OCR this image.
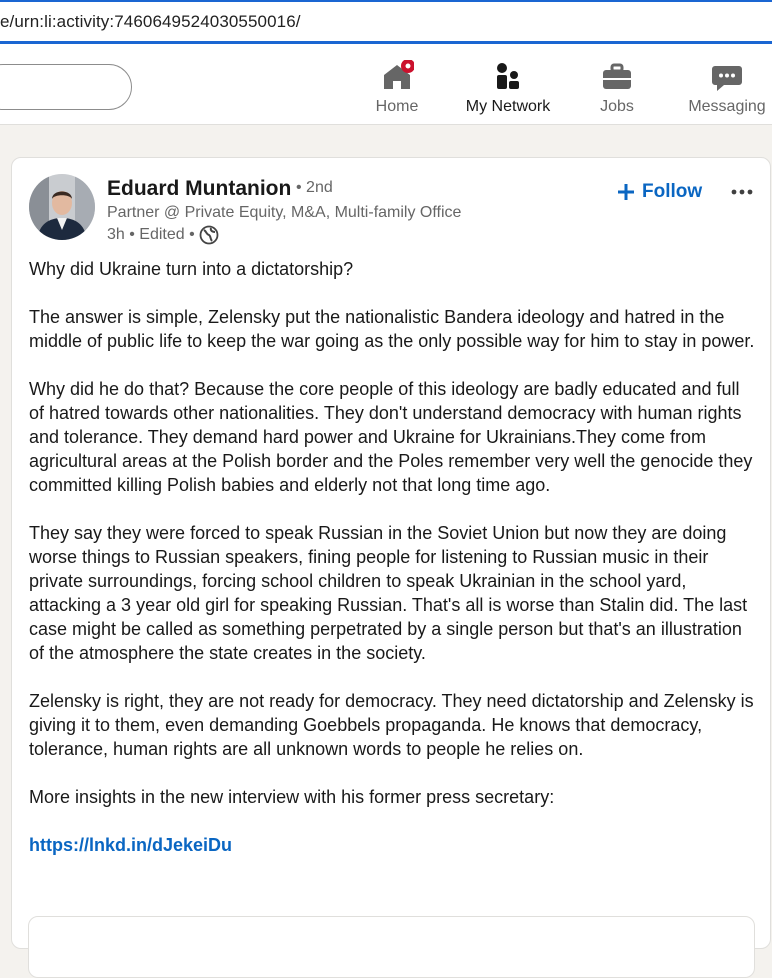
e/urn:li:activity:7460649524030550016/
Home	My Network	Jobs	Messaging
Eduard Muntanion • 2nd
Partner @ Private Equity, M&A, Multi-family Office
3h • Edited •
Follow

Why did Ukraine turn into a dictatorship?

The answer is simple, Zelensky put the nationalistic Bandera ideology and hatred in the middle of public life to keep the war going as the only possible way for him to stay in power.

Why did he do that? Because the core people of this ideology are badly educated and full of hatred towards other nationalities. They don't understand democracy with human rights and tolerance. They demand hard power and Ukraine for Ukrainians.They come from agricultural areas at the Polish border and the Poles remember very well the genocide they committed killing Polish babies and elderly not that long time ago.

They say they were forced to speak Russian in the Soviet Union but now they are doing worse things to Russian speakers, fining people for listening to Russian music in their private surroundings, forcing school children to speak Ukrainian in the school yard, attacking a 3 year old girl for speaking Russian. That's all is worse than Stalin did. The last case might be called as something perpetrated by a single person but that's an illustration of the atmosphere the state creates in the society.

Zelensky is right, they are not ready for democracy. They need dictatorship and Zelensky is giving it to them, even demanding Goebbels propaganda. He knows that democracy, tolerance, human rights are all unknown words to people he relies on.

More insights in the new interview with his former press secretary:

https://lnkd.in/dJekeiDu
